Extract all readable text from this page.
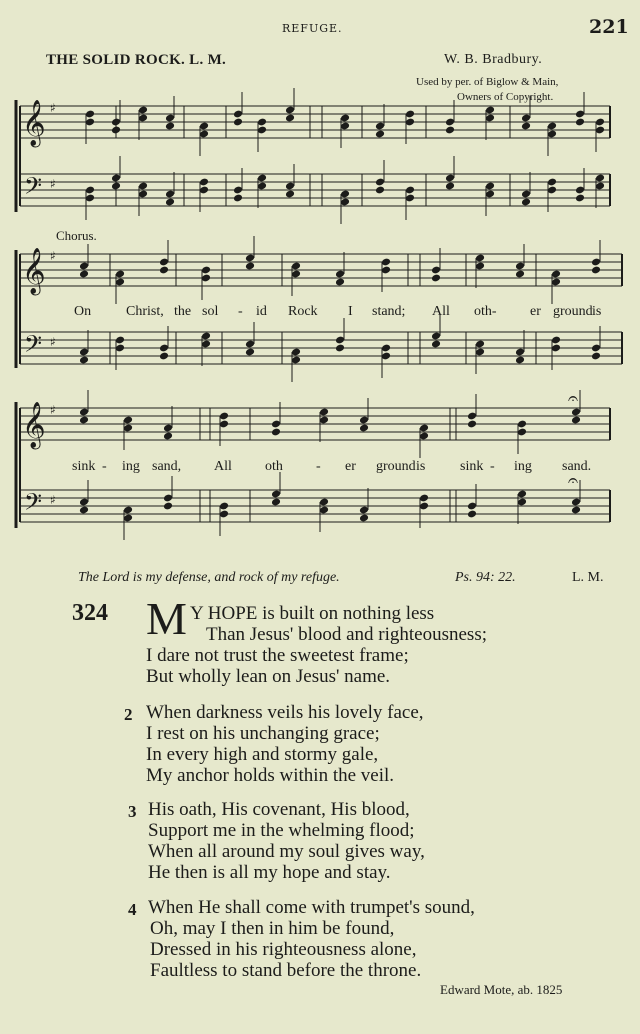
REFUGE.	221
THE SOLID ROCK. L. M.	W. B. Bradbury.
Used by per. of Biglow & Main,
Owners of Copyright.
Chorus.
𝄞
𝄢
♯
♯
𝄞
𝄢
♯
♯
𝄞
𝄢
♯
♯
𝄐
𝄐
On Christ, the sol - id Rock I stand; All oth- er ground is
sink - ing sand, All oth - er ground is sink - ing sand.
The Lord is my defense, and rock of my refuge.	Ps. 94: 22.	L. M.
324 M Y HOPE is built on nothing less
Than Jesus' blood and righteousness;
I dare not trust the sweetest frame;
But wholly lean on Jesus' name.
2 When darkness veils his lovely face,
I rest on his unchanging grace;
In every high and stormy gale,
My anchor holds within the veil.
3 His oath, His covenant, His blood,
Support me in the whelming flood;
When all around my soul gives way,
He then is all my hope and stay.
4 When He shall come with trumpet's sound,
Oh, may I then in him be found,
Dressed in his righteousness alone,
Faultless to stand before the throne.
Edward Mote, ab. 1825
